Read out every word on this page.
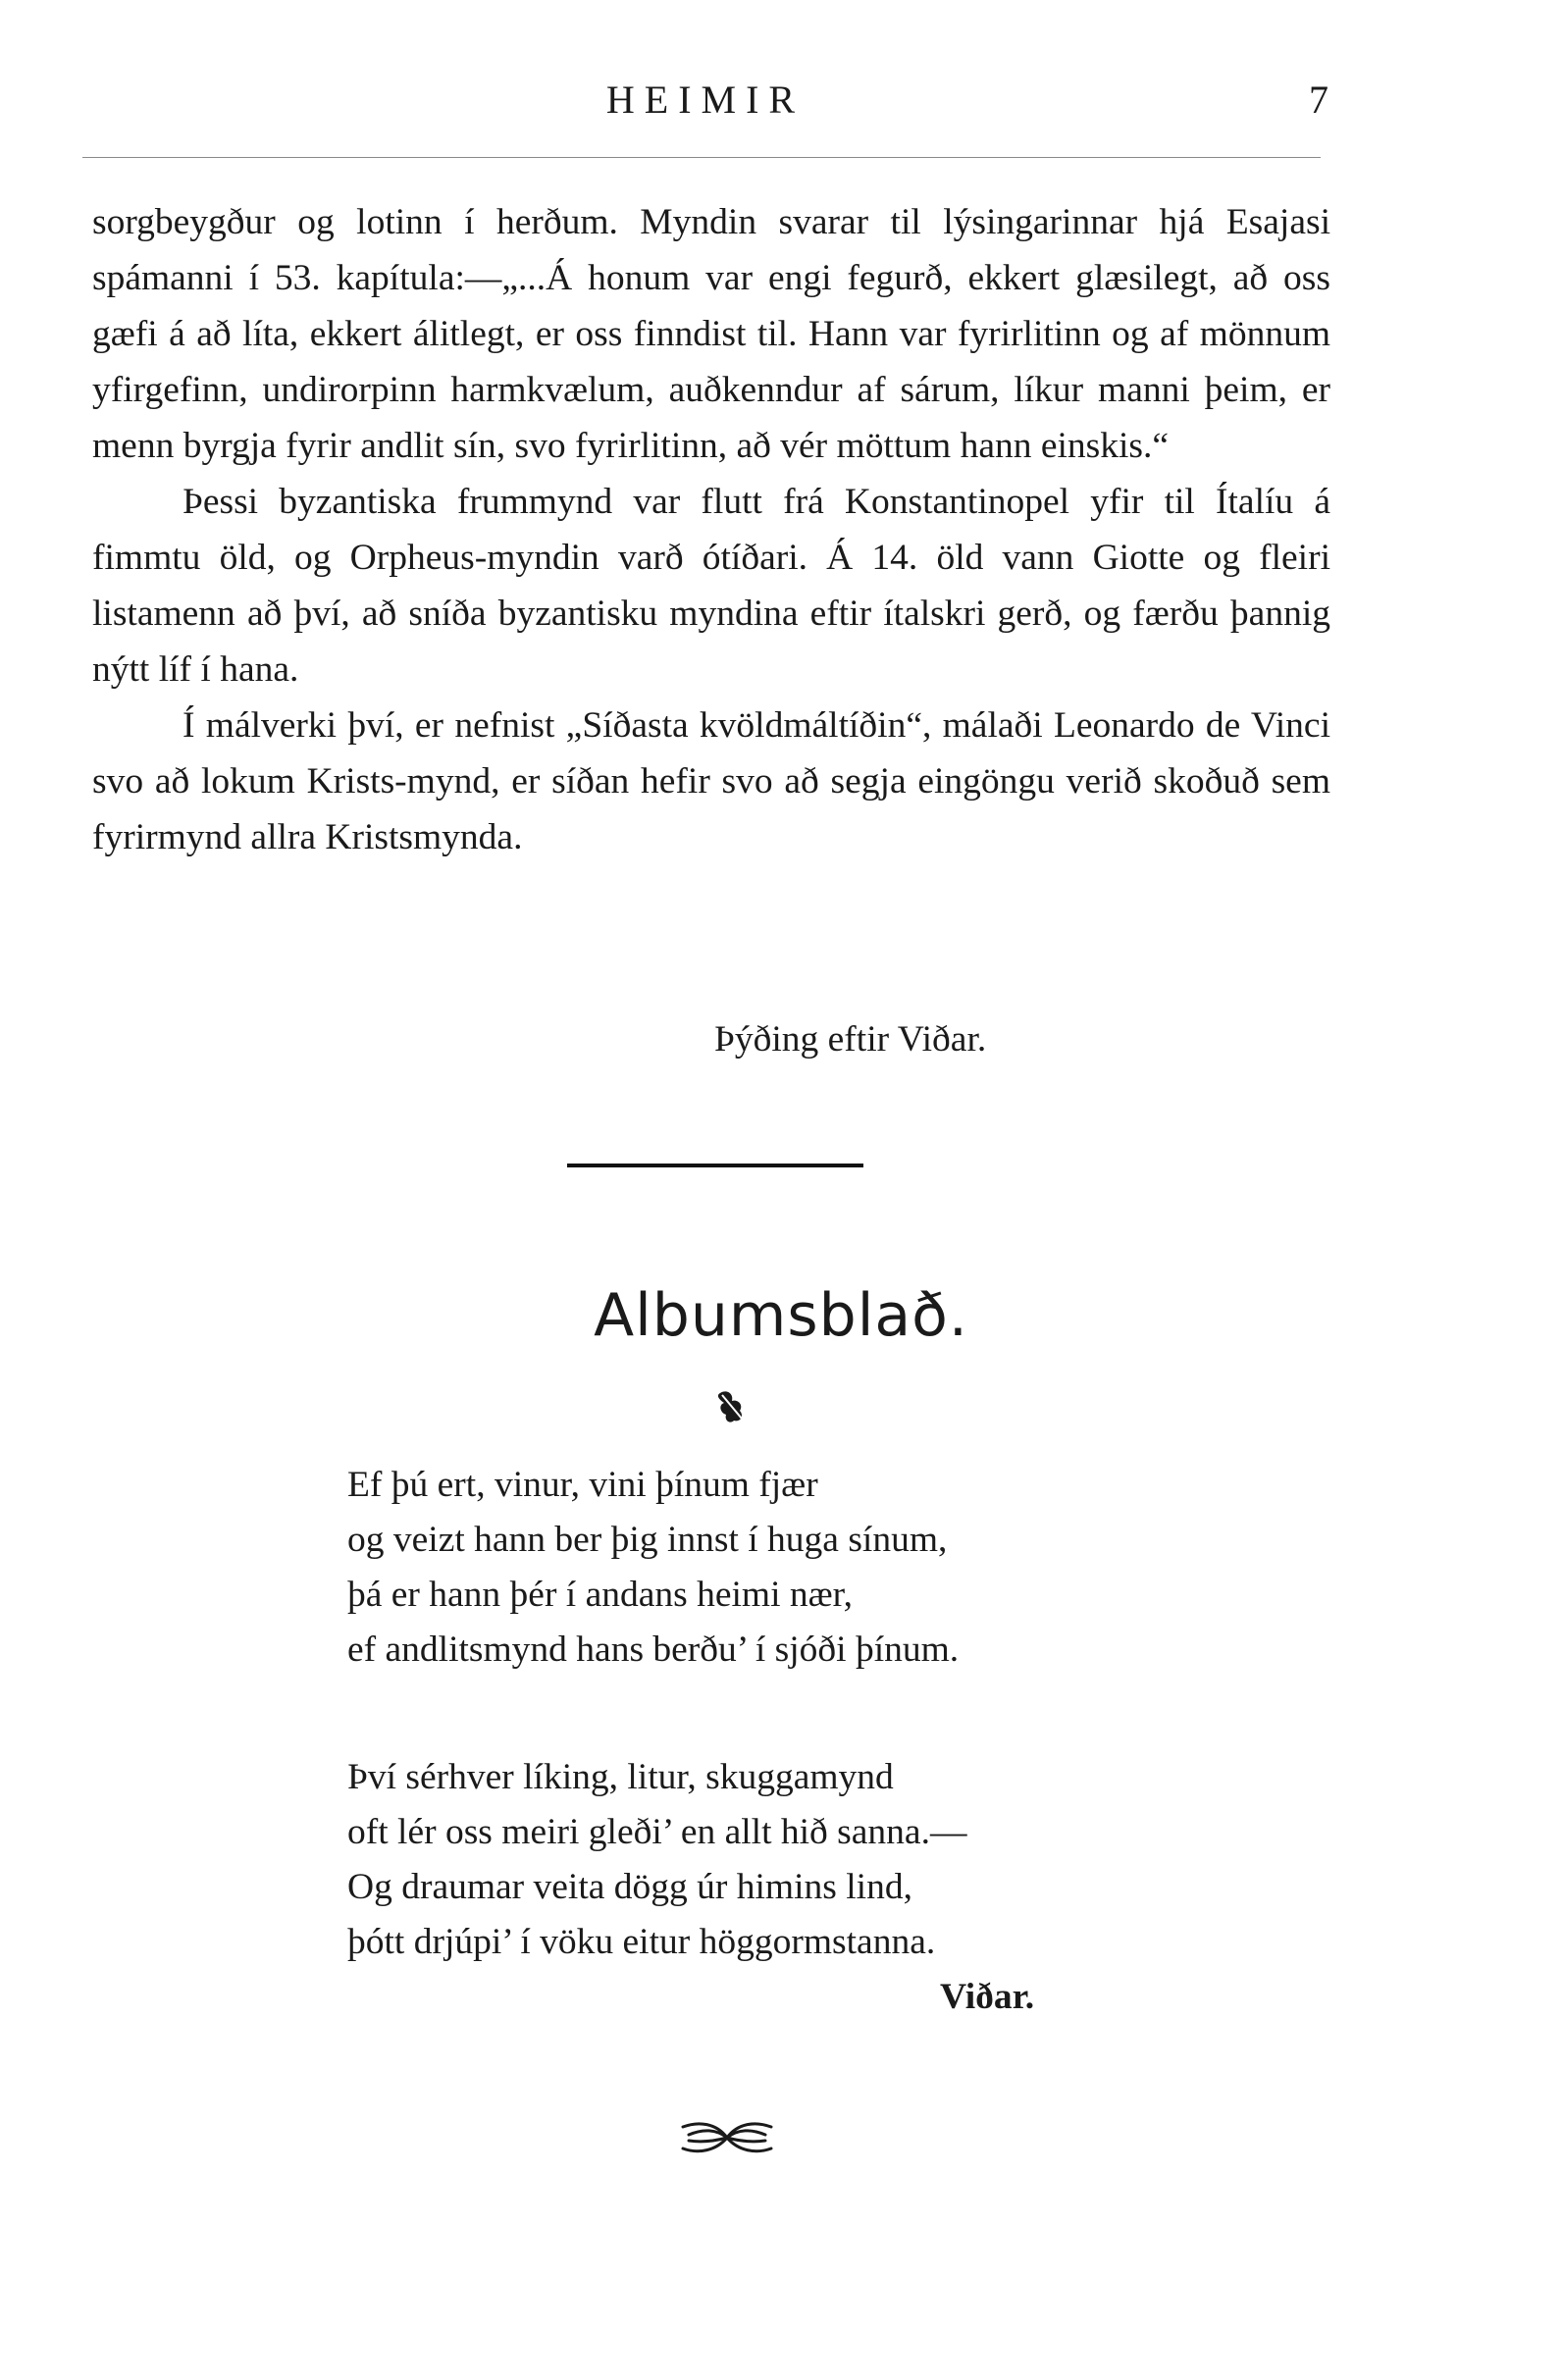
HEIMIR	7

sorgbeygður og lotinn í herðum. Myndin svarar til lýsingarinnar hjá Esajasi spámanni í 53. kapítula:—„...Á honum var engi fegurð, ekkert glæsilegt, að oss gæfi á að líta, ekkert álitlegt, er oss finndist til. Hann var fyrirlitinn og af mönnum yfirgefinn, undirorpinn harmkvælum, auðkenndur af sárum, líkur manni þeim, er menn byrgja fyrir andlit sín, svo fyrirlitinn, að vér möttum hann einskis.“

Þessi byzantiska frummynd var flutt frá Konstantinopel yfir til Ítalíu á fimmtu öld, og Orpheus-myndin varð ótíðari. Á 14. öld vann Giotte og fleiri listamenn að því, að sníða byzantisku myndina eftir ítalskri gerð, og færðu þannig nýtt líf í hana.

Í málverki því, er nefnist „Síðasta kvöldmáltíðin“, málaði Leonardo de Vinci svo að lokum Krists-mynd, er síðan hefir svo að segja eingöngu verið skoðuð sem fyrirmynd allra Kristsmynda.

Þýðing eftir Viðar.
Albumsblað.
Ef þú ert, vinur, vini þínum fjær
og veizt hann ber þig innst í huga sínum,
þá er hann þér í andans heimi nær,
ef andlitsmynd hans berðu’ í sjóði þínum.
Því sérhver líking, litur, skuggamynd
oft lér oss meiri gleði’ en allt hið sanna.—
Og draumar veita dögg úr himins lind,
þótt drjúpi’ í vöku eitur höggormstanna.
Viðar.
